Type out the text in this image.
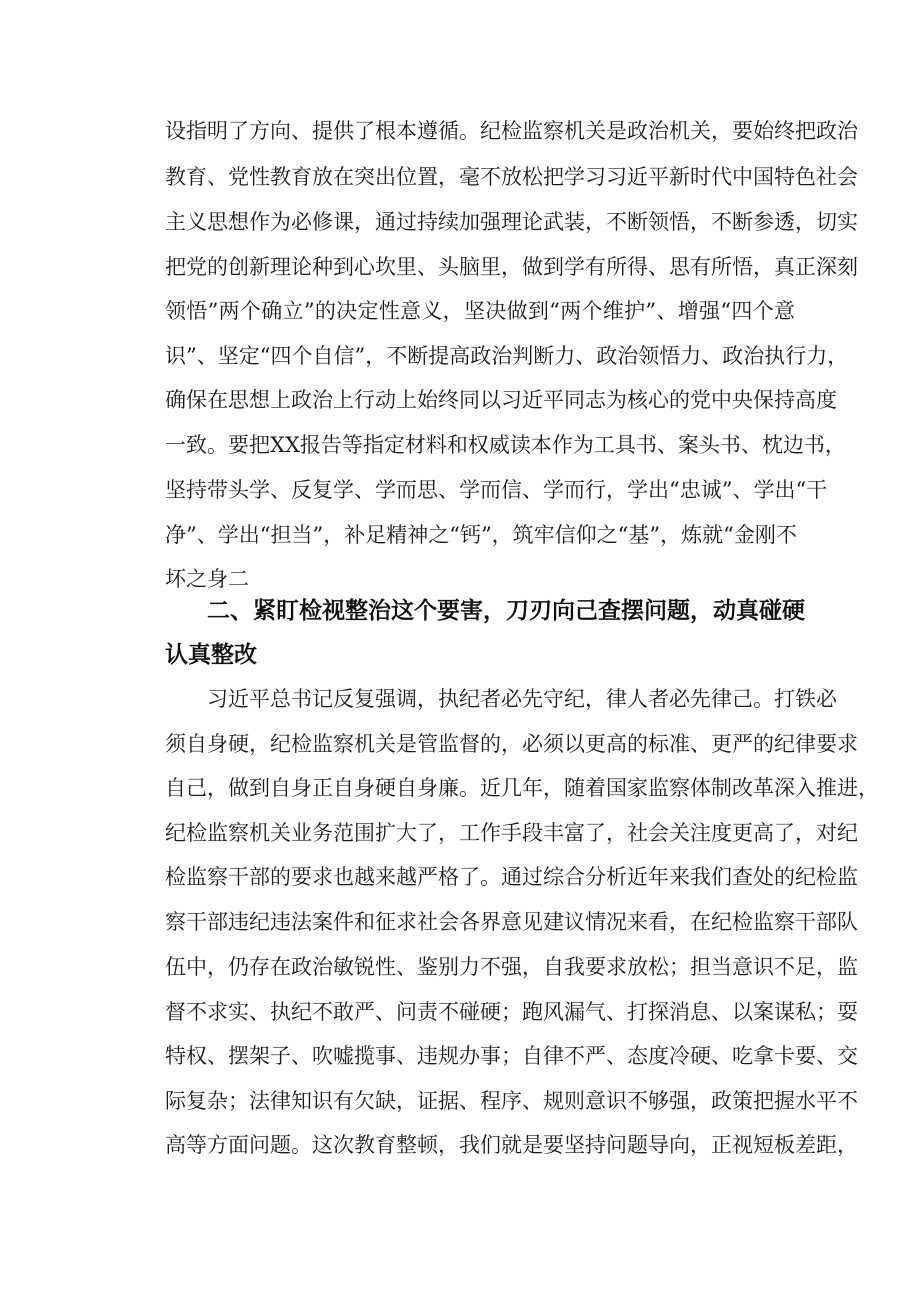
设指明了方向、提供了根本遵循。纪检监察机关是政治机关，要始终把政治
教育、党性教育放在突出位置，毫不放松把学习习近平新时代中国特色社会
主义思想作为必修课，通过持续加强理论武装，不断领悟，不断参透，切实
把党的创新理论种到心坎里、头脑里，做到学有所得、思有所悟，真正深刻
领悟”两个确立”的决定性意义，坚决做到“两个维护”、增强“四个意
识”、坚定“四个自信”，不断提高政治判断力、政治领悟力、政治执行力，
确保在思想上政治上行动上始终同以习近平同志为核心的党中央保持高度
一致。要把XX报告等指定材料和权威读本作为工具书、案头书、枕边书，
坚持带头学、反复学、学而思、学而信、学而行，学出“忠诚”、学出“干
净”、学出“担当”，补足精神之“钙”，筑牢信仰之“基”，炼就“金刚不
坏之身二
二、紧盯检视整治这个要害，刀刃向己查摆问题，动真碰硬
认真整改
习近平总书记反复强调，执纪者必先守纪，律人者必先律己。打铁必
须自身硬，纪检监察机关是管监督的，必须以更高的标准、更严的纪律要求
自己，做到自身正自身硬自身廉。近几年，随着国家监察体制改革深入推进，
纪检监察机关业务范围扩大了，工作手段丰富了，社会关注度更高了，对纪
检监察干部的要求也越来越严格了。通过综合分析近年来我们查处的纪检监
察干部违纪违法案件和征求社会各界意见建议情况来看，在纪检监察干部队
伍中，仍存在政治敏锐性、鉴别力不强，自我要求放松；担当意识不足，监
督不求实、执纪不敢严、问责不碰硬；跑风漏气、打探消息、以案谋私；耍
特权、摆架子、吹嘘揽事、违规办事；自律不严、态度冷硬、吃拿卡要、交
际复杂；法律知识有欠缺，证据、程序、规则意识不够强，政策把握水平不
高等方面问题。这次教育整顿，我们就是要坚持问题导向，正视短板差距，
